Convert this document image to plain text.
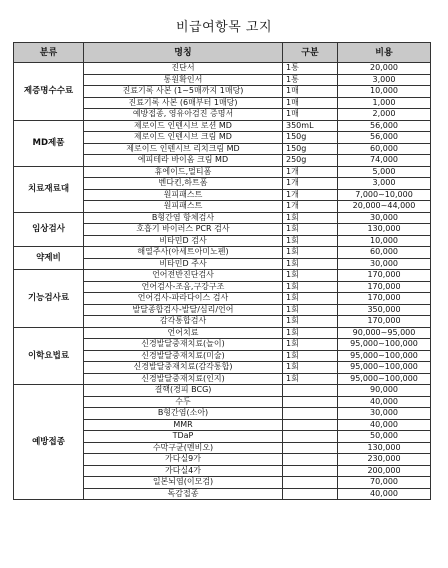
비급여항목 고지
분류	명칭	구분	비용
제증명수수료	진단서	1통	20,000
	통원확인서	1통	3,000
	진료기록 사본 (1~5매까지 1매당)	1매	10,000
	진료기록 사본 (6매부터 1매당)	1매	1,000
	예방접종, 영유아검진 증명서	1매	2,000
MD제품	제로이드 인텐시브 로션 MD	350mL	56,000
	제로이드 인텐시브 크림 MD	150g	56,000
	제로이드 인텐시브 리치크림 MD	150g	60,000
	에피테라 바이옴 크림 MD	250g	74,000
치료재료대	휴에이드,멀티폼	1개	5,000
	벤다킨,하트폼	1개	3,000
	원피패스트	1개	7,000~10,000
	원피패스트	1개	20,000~44,000
임상검사	B형간염 항체검사	1회	30,000
	호흡기 바이러스 PCR 검사	1회	130,000
	비타민D 검사	1회	10,000
약제비	해열주사(아세트아미노펜)	1회	60,000
	비타민D 주사	1회	30,000
기능검사료	언어전반진단검사	1회	170,000
	언어검사-조음,구강구조	1회	170,000
	언어검사-파라다이스 검사	1회	170,000
	발달종합검사-발달/심리/언어	1회	350,000
	감각통합검사	1회	170,000
이학요법료	언어치료	1회	90,000~95,000
	신경발달중재치료(놀이)	1회	95,000~100,000
	신경발달중재치료(미술)	1회	95,000~100,000
	신경발달중재치료(감각통합)	1회	95,000~100,000
	신경발달중재치료(인지)	1회	95,000~100,000
예방접종	결핵(경피 BCG)		90,000
	수두		40,000
	B형간염(소아)		30,000
	MMR		40,000
	TDaP		50,000
	수막구균(멘비오)		130,000
	가다실9가		230,000
	가다실4가		200,000
	일본뇌염(이모검)		70,000
	독감접종		40,000
